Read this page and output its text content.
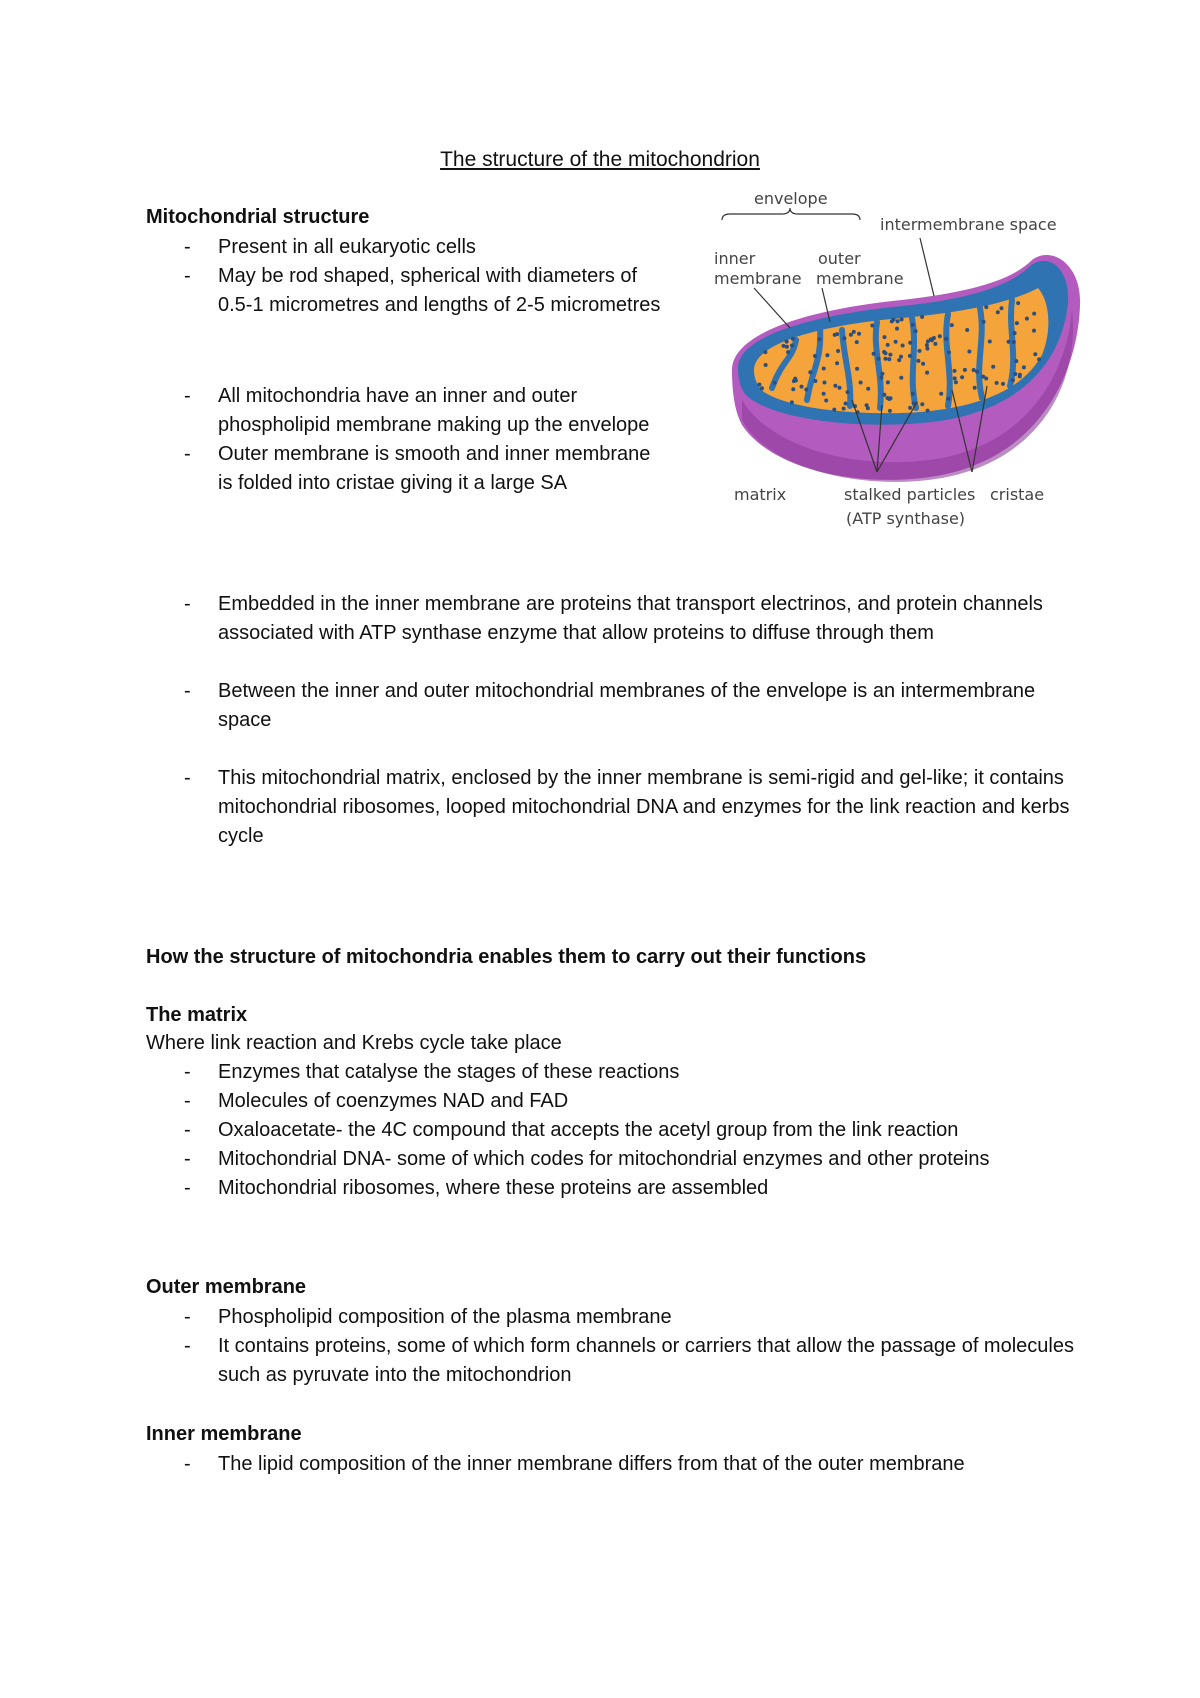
The structure of the mitochondrion
Mitochondrial structure
- Present in all eukaryotic cells
- May be rod shaped, spherical with diameters of 0.5-1 micrometres and lengths of 2-5 micrometres
- All mitochondria have an inner and outer phospholipid membrane making up the envelope
- Outer membrane is smooth and inner membrane is folded into cristae giving it a large SA
- Embedded in the inner membrane are proteins that transport electrinos, and protein channels associated with ATP synthase enzyme that allow proteins to diffuse through them
- Between the inner and outer mitochondrial membranes of the envelope is an intermembrane space
- This mitochondrial matrix, enclosed by the inner membrane is semi-rigid and gel-like; it contains mitochondrial ribosomes, looped mitochondrial DNA and enzymes for the link reaction and kerbs cycle
envelope
intermembrane space
inner
membrane
outer
membrane
matrix	stalked particles
(ATP synthase)
cristae
How the structure of mitochondria enables them to carry out their functions
The matrix
Where link reaction and Krebs cycle take place
- Enzymes that catalyse the stages of these reactions
- Molecules of coenzymes NAD and FAD
- Oxaloacetate- the 4C compound that accepts the acetyl group from the link reaction
- Mitochondrial DNA- some of which codes for mitochondrial enzymes and other proteins
- Mitochondrial ribosomes, where these proteins are assembled
Outer membrane
- Phospholipid composition of the plasma membrane
- It contains proteins, some of which form channels or carriers that allow the passage of molecules such as pyruvate into the mitochondrion
Inner membrane
- The lipid composition of the inner membrane differs from that of the outer membrane
